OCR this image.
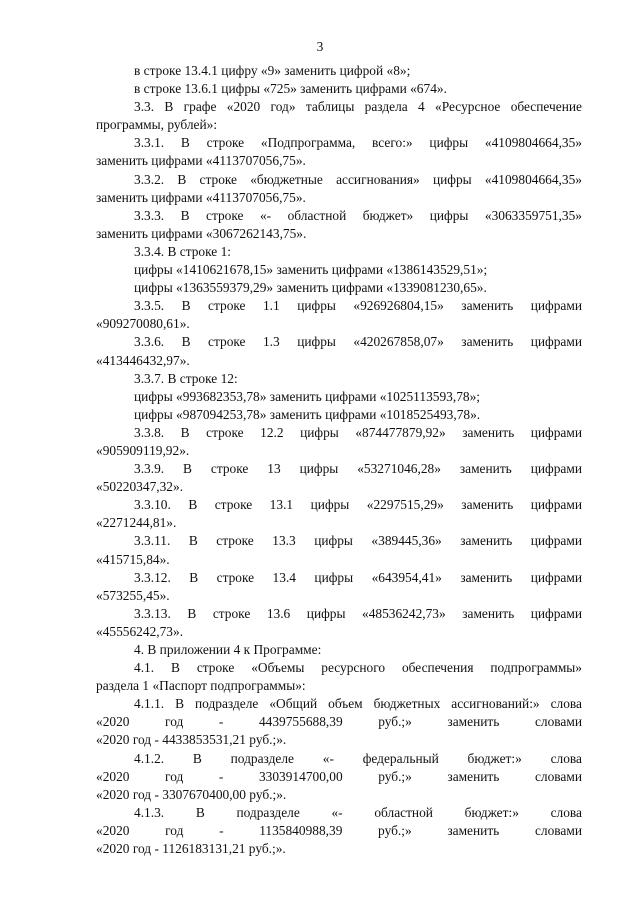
3

в строке 13.4.1 цифру «9» заменить цифрой «8»;

в строке 13.6.1 цифры «725» заменить цифрами «674».

3.3. В графе «2020 год» таблицы раздела 4 «Ресурсное обеспечение

программы, рублей»:

3.3.1. В строке «Подпрограмма, всего:» цифры «4109804664,35»

заменить цифрами «4113707056,75».

3.3.2. В строке «бюджетные ассигнования» цифры «4109804664,35»

заменить цифрами «4113707056,75».

3.3.3. В строке «- областной бюджет» цифры «3063359751,35»

заменить цифрами «3067262143,75».

3.3.4. В строке 1:

цифры «1410621678,15» заменить цифрами «1386143529,51»;

цифры «1363559379,29» заменить цифрами «1339081230,65».

3.3.5. В строке 1.1 цифры «926926804,15» заменить цифрами

«909270080,61».

3.3.6. В строке 1.3 цифры «420267858,07» заменить цифрами

«413446432,97».

3.3.7. В строке 12:

цифры «993682353,78» заменить цифрами «1025113593,78»;

цифры «987094253,78» заменить цифрами «1018525493,78».

3.3.8. В строке 12.2 цифры «874477879,92» заменить цифрами

«905909119,92».

3.3.9. В строке 13 цифры «53271046,28» заменить цифрами

«50220347,32».

3.3.10. В строке 13.1 цифры «2297515,29» заменить цифрами

«2271244,81».

3.3.11. В строке 13.3 цифры «389445,36» заменить цифрами

«415715,84».

3.3.12. В строке 13.4 цифры «643954,41» заменить цифрами

«573255,45».

3.3.13. В строке 13.6 цифры «48536242,73» заменить цифрами

«45556242,73».

4. В приложении 4 к Программе:

4.1. В строке «Объемы ресурсного обеспечения подпрограммы»

раздела 1 «Паспорт подпрограммы»:

4.1.1. В подразделе «Общий объем бюджетных ассигнований:» слова

«2020 год - 4439755688,39 руб.;» заменить словами

«2020 год - 4433853531,21 руб.;».

4.1.2. В подразделе «- федеральный бюджет:» слова

«2020 год - 3303914700,00 руб.;» заменить словами

«2020 год - 3307670400,00 руб.;».

4.1.3. В подразделе «- областной бюджет:» слова

«2020 год - 1135840988,39 руб.;» заменить словами

«2020 год - 1126183131,21 руб.;».
